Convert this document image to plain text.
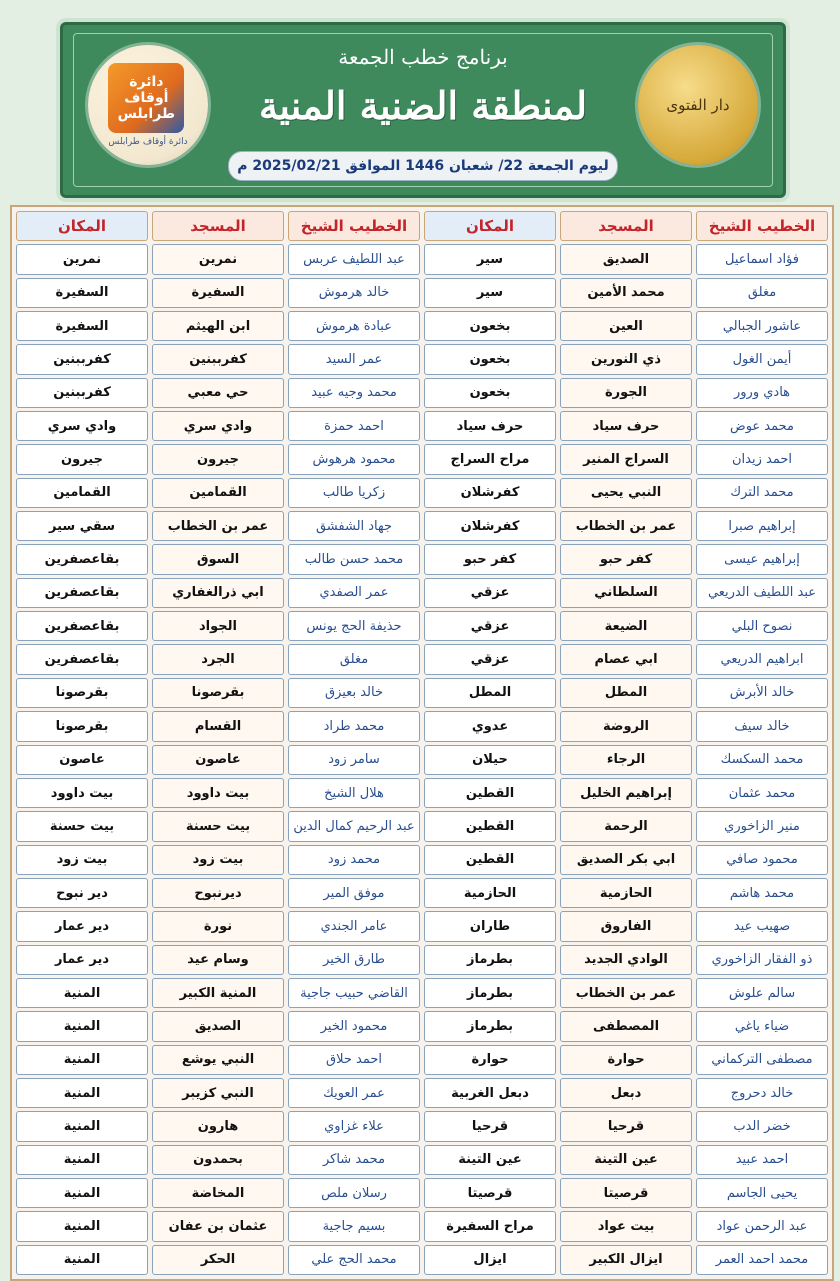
دار الفتوى
دائرة أوقاف طرابلس
دائرة أوقاف طرابلس
برنامج خطب الجمعة
لمنطقة الضنية المنية
ليوم الجمعة 22/ شعبان 1446 الموافق 2025/02/21 م
الخطيب الشيخ
المسجد
المكان
الخطيب الشيخ
المسجد
المكان
فؤاد اسماعيل
الصديق
سير
عبد اللطيف عربس
نمرين
نمرين
مغلق
محمد الأمين
سير
خالد هرموش
السفيرة
السفيرة
عاشور الجبالي
العين
بخعون
عبادة هرموش
ابن الهيثم
السفيرة
أيمن الغول
ذي النورين
بخعون
عمر السيد
كفرببنين
كفرببنين
هادي ورور
الجورة
بخعون
محمد وجيه عبيد
حي معبي
كفرببنين
محمد عوض
حرف سياد
حرف سياد
احمد حمزة
وادي سري
وادي سري
احمد زيدان
السراج المنير
مراح السراج
محمود هرهوش
جيرون
جيرون
محمد الترك
النبي يحيى
كفرشلان
زكريا طالب
القمامين
القمامين
إبراهيم صبرا
عمر بن الخطاب
كفرشلان
جهاد الشفشق
عمر بن الخطاب
سقي سير
إبراهيم عيسى
كفر حبو
كفر حبو
محمد حسن طالب
السوق
بقاعصفرين
عبد اللطيف الدريعي
السلطاني
عزقي
عمر الصفدي
ابي ذرالغفاري
بقاعصفرين
نصوح البلي
الضيعة
عزقي
حذيفة الحج يونس
الجواد
بقاعصفرين
ابراهيم الدريعي
ابي عصام
عزقي
مغلق
الجرد
بقاعصفرين
خالد الأبرش
المطل
المطل
خالد بعيزق
بقرصونا
بقرصونا
خالد سيف
الروضة
عدوي
محمد طراد
القسام
بقرصونا
محمد السكسك
الرجاء
حيلان
سامر زود
عاصون
عاصون
محمد عثمان
إبراهيم الخليل
القطين
هلال الشيخ
بيت داوود
بيت داوود
منير الزاخوري
الرحمة
القطين
عبد الرحيم كمال الدين
بيت حسنة
بيت حسنة
محمود صافي
ابي بكر الصديق
القطين
محمد زود
بيت زود
بيت زود
محمد هاشم
الحازمية
الحازمية
موفق المير
ديرنبوح
دير نبوح
صهيب عيد
الفاروق
طاران
عامر الجندي
نورة
دير عمار
ذو الفقار الزاخوري
الوادي الجديد
بطرماز
طارق الخير
وسام عيد
دير عمار
سالم علوش
عمر بن الخطاب
بطرماز
القاضي حبيب جاجية
المنية الكبير
المنية
ضياء ياغي
المصطفى
بطرماز
محمود الخير
الصديق
المنية
مصطفى التركماني
حوارة
حوارة
احمد حلاق
النبي يوشع
المنية
خالد دحروج
دبعل
دبعل الغربية
عمر العويك
النبي كزيبر
المنية
خضر الدب
قرحيا
قرحيا
علاء غزاوي
هارون
المنية
احمد عبيد
عين التينة
عين التينة
محمد شاكر
بحمدون
المنية
يحيى الجاسم
قرصيتا
قرصيتا
رسلان ملص
المخاضة
المنية
عبد الرحمن عواد
بيت عواد
مراح السفيرة
بسيم جاجية
عثمان بن عفان
المنية
محمد احمد العمر
ايزال الكبير
ايزال
محمد الحج علي
الحكر
المنية
